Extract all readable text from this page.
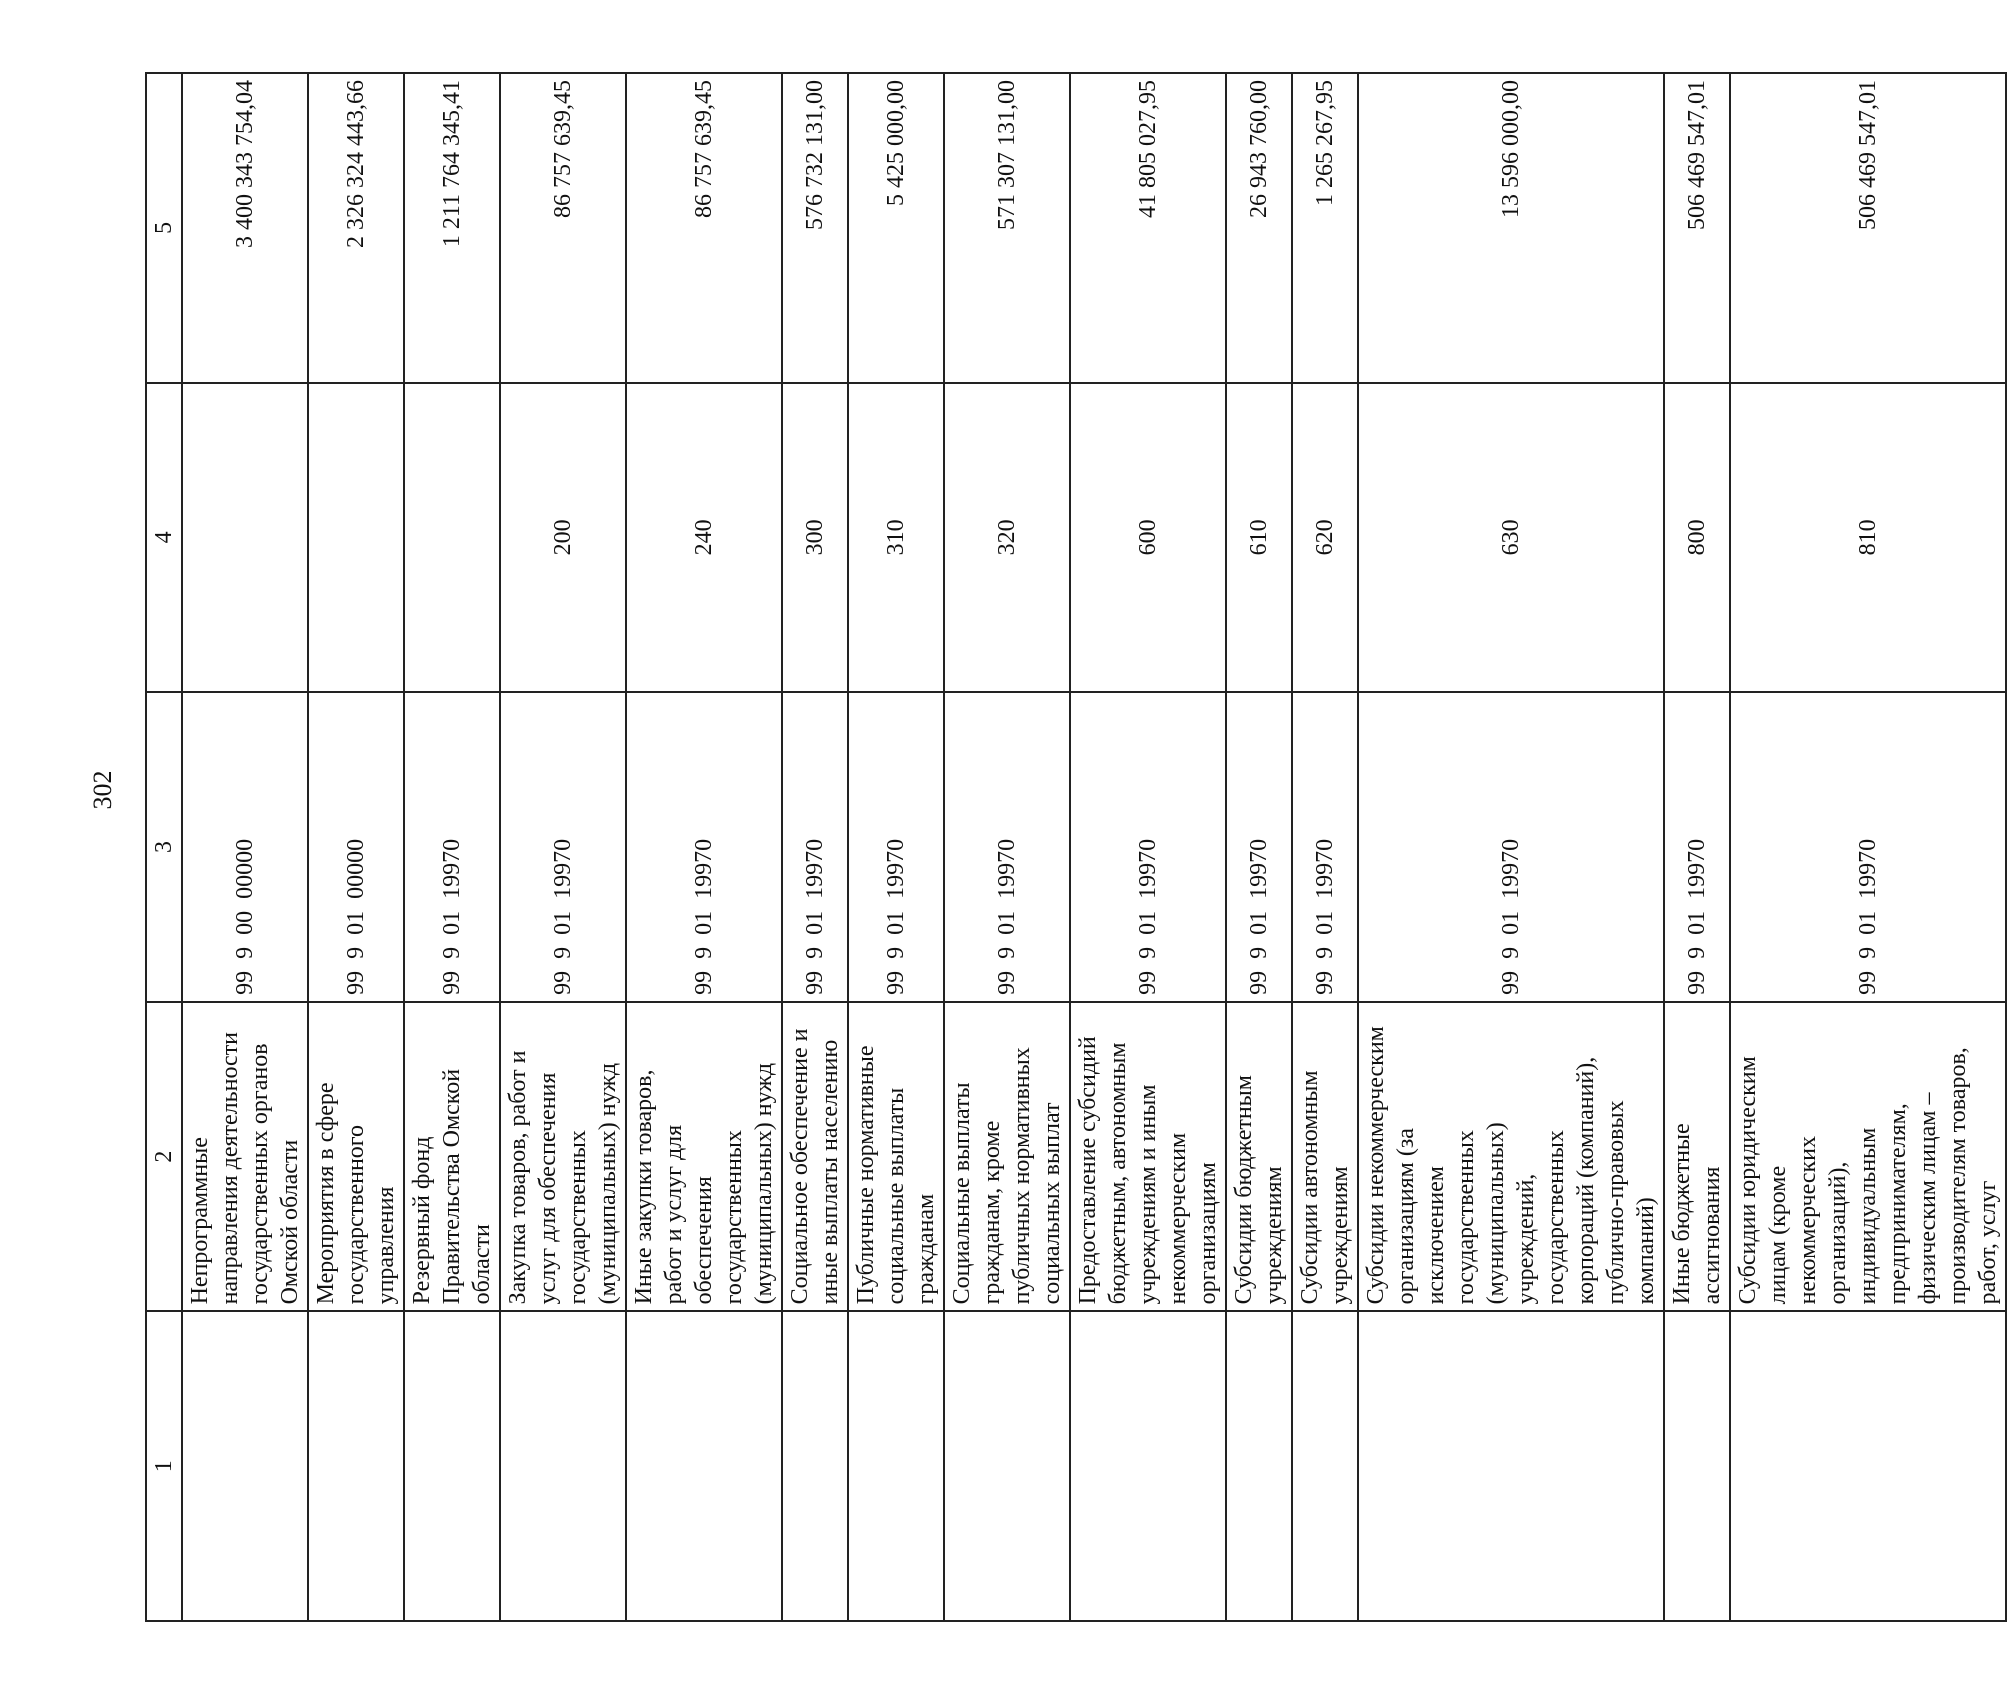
302
1	2	3	4	5
	Непрограммные направления деятельности государственных органов Омской области	99  9  00  00000		3 400 343 754,04
	Мероприятия в сфере государственного управления	99  9  01  00000		2 326 324 443,66
	Резервный фонд Правительства Омской области	99  9  01  19970		1 211 764 345,41
	Закупка товаров, работ и услуг для обеспечения государственных (муниципальных) нужд	99  9  01  19970	200	86 757 639,45
	Иные закупки товаров, работ и услуг для обеспечения государственных (муниципальных) нужд	99  9  01  19970	240	86 757 639,45
	Социальное обеспечение и иные выплаты населению	99  9  01  19970	300	576 732 131,00
	Публичные нормативные социальные выплаты гражданам	99  9  01  19970	310	5 425 000,00
	Социальные выплаты гражданам, кроме публичных нормативных социальных выплат	99  9  01  19970	320	571 307 131,00
	Предоставление субсидий бюджетным, автономным учреждениям и иным некоммерческим организациям	99  9  01  19970	600	41 805 027,95
	Субсидии бюджетным учреждениям	99  9  01  19970	610	26 943 760,00
	Субсидии автономным учреждениям	99  9  01  19970	620	1 265 267,95
	Субсидии некоммерческим организациям (за исключением государственных (муниципальных) учреждений, государственных корпораций (компаний), публично-правовых компаний)	99  9  01  19970	630	13 596 000,00
	Иные бюджетные ассигнования	99  9  01  19970	800	506 469 547,01
	Субсидии юридическим лицам (кроме некоммерческих организаций), индивидуальным предпринимателям, физическим лицам – производителям товаров, работ, услуг	99  9  01  19970	810	506 469 547,01
